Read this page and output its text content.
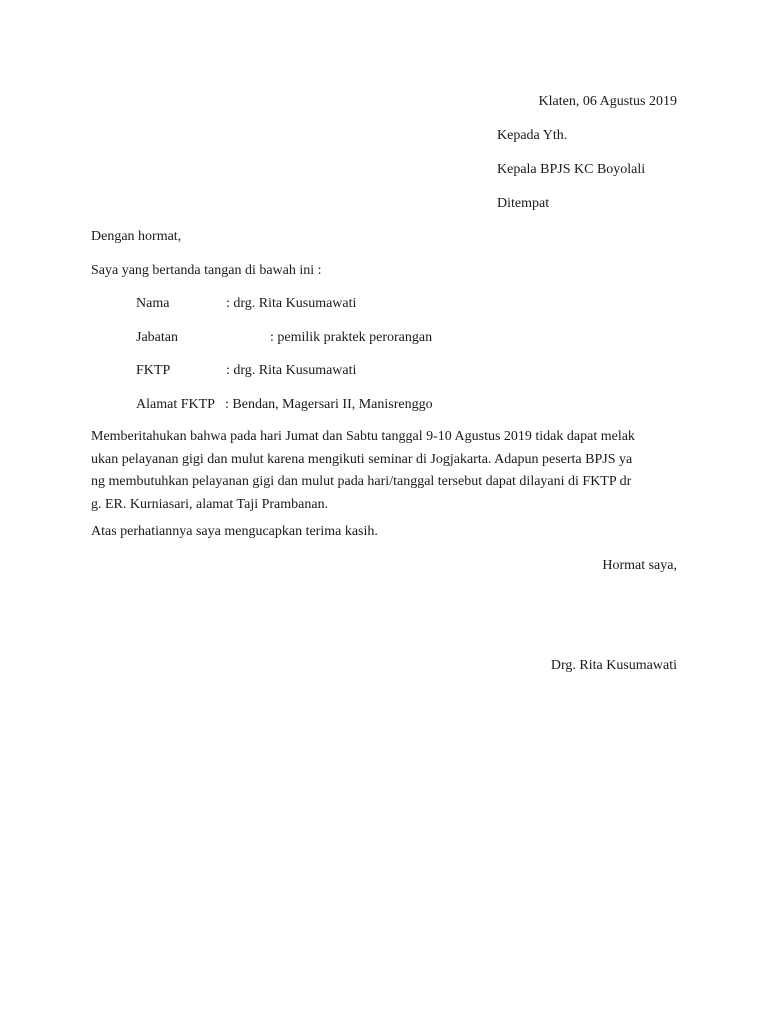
Klaten, 06 Agustus 2019
Kepada Yth.
Kepala BPJS KC Boyolali
Ditempat
Dengan hormat,
Saya yang bertanda tangan di bawah ini :
Nama	: drg. Rita Kusumawati
Jabatan	: pemilik praktek perorangan
FKTP	: drg. Rita Kusumawati
Alamat FKTP : Bendan, Magersari II, Manisrenggo
Memberitahukan bahwa pada hari Jumat dan Sabtu tanggal 9-10 Agustus 2019 tidak dapat melak
ukan pelayanan gigi dan mulut karena mengikuti seminar di Jogjakarta. Adapun peserta BPJS ya
ng membutuhkan pelayanan gigi dan mulut pada hari/tanggal tersebut dapat dilayani di FKTP dr
g. ER. Kurniasari, alamat Taji Prambanan.
Atas perhatiannya saya mengucapkan terima kasih.
Hormat saya,
Drg. Rita Kusumawati
